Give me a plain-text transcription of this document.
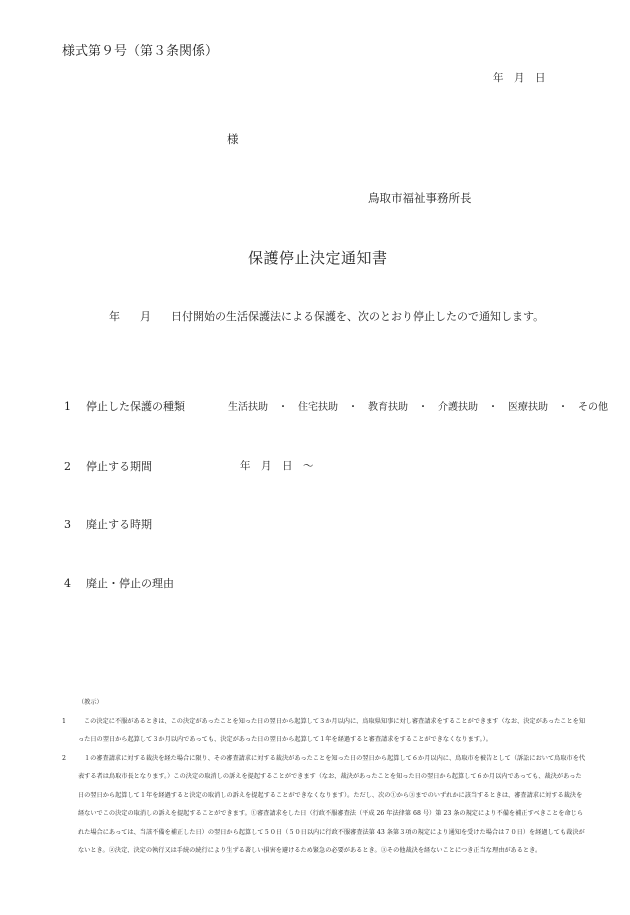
様式第９号（第３条関係）
年　月　日
様
鳥取市福祉事務所長
保護停止決定通知書
年 月 日付開始の生活保護法による保護を、次のとおり停止したので通知します。
1 停止した保護の種類	生活扶助　・　住宅扶助　・　教育扶助　・　介護扶助　・　医療扶助　・　その他
2 停止する期間	年　月　日　～
3 廃止する時期
4 廃止・停止の理由
（教示）
1	この決定に不服があるときは、この決定があったことを知った日の翌日から起算して３か月以内に、鳥取県知事に対し審査請求をすることができます（なお、決定があったことを知った日の翌日から起算して３か月以内であっても、決定があった日の翌日から起算して１年を経過すると審査請求をすることができなくなります。）。
2	１の審査請求に対する裁決を経た場合に限り、その審査請求に対する裁決があったことを知った日の翌日から起算して６か月以内に、鳥取市を被告として（訴訟において鳥取市を代表する者は鳥取市長となります。）この決定の取消しの訴えを提起することができます（なお、裁決があったことを知った日の翌日から起算して６か月以内であっても、裁決があった日の翌日から起算して１年を経過すると決定の取消しの訴えを提起することができなくなります）。ただし、次の①から③までのいずれかに該当するときは、審査請求に対する裁決を経ないでこの決定の取消しの訴えを提起することができます。①審査請求をした日（行政不服審査法（平成 26 年法律第 68 号）第 23 条の規定により不備を補正すべきことを命じられた場合にあっては、当該不備を補正した日）の翌日から起算して５０日（５０日以内に行政不服審査法第 43 条第３項の規定により通知を受けた場合は７０日）を経過しても裁決がないとき。②決定、決定の執行又は手続の続行により生ずる著しい損害を避けるため緊急の必要があるとき。③その他裁決を経ないことにつき正当な理由があるとき。
